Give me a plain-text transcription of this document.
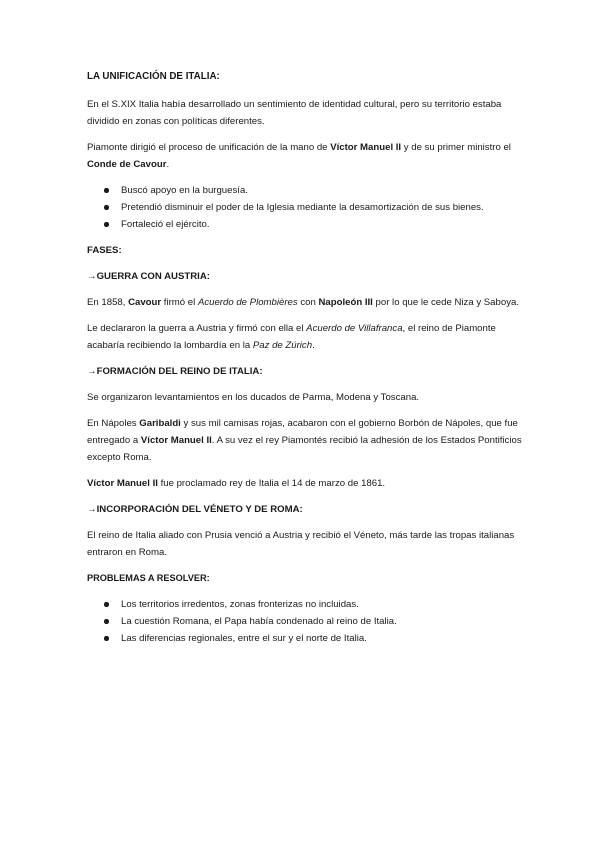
LA UNIFICACIÓN DE ITALIA:

En el S.XIX Italia había desarrollado un sentimiento de identidad cultural, pero su territorio estaba dividido en zonas con políticas diferentes.

Piamonte dirigió el proceso de unificación de la mano de Víctor Manuel II y de su primer ministro el Conde de Cavour.

Buscó apoyo en la burguesía.
Pretendió disminuir el poder de la Iglesia mediante la desamortización de sus bienes.
Fortaleció el ejército.
FASES:
→GUERRA CON AUSTRIA:

En 1858, Cavour firmó el Acuerdo de Plombières con Napoleón III por lo que le cede Niza y Saboya.

Le declararon la guerra a Austria y firmó con ella el Acuerdo de Villafranca, el reino de Piamonte acabaría recibiendo la lombardía en la Paz de Zúrich.

→FORMACIÓN DEL REINO DE ITALIA:

Se organizaron levantamientos en los ducados de Parma, Modena y Toscana.

En Nápoles Garibaldi y sus mil camisas rojas, acabaron con el gobierno Borbón de Nápoles, que fue entregado a Víctor Manuel II. A su vez el rey Piamontés recibió la adhesión de los Estados Pontificios excepto Roma.

Víctor Manuel II fue proclamado rey de Italia el 14 de marzo de 1861.

→INCORPORACIÓN DEL VÉNETO Y DE ROMA:

El reino de Italia aliado con Prusia venció a Austria y recibió el Véneto, más tarde las tropas italianas entraron en Roma.

PROBLEMAS A RESOLVER:
Los territorios irredentos, zonas fronterizas no incluidas.
La cuestión Romana, el Papa había condenado al reino de Italia.
Las diferencias regionales, entre el sur y el norte de Italia.
